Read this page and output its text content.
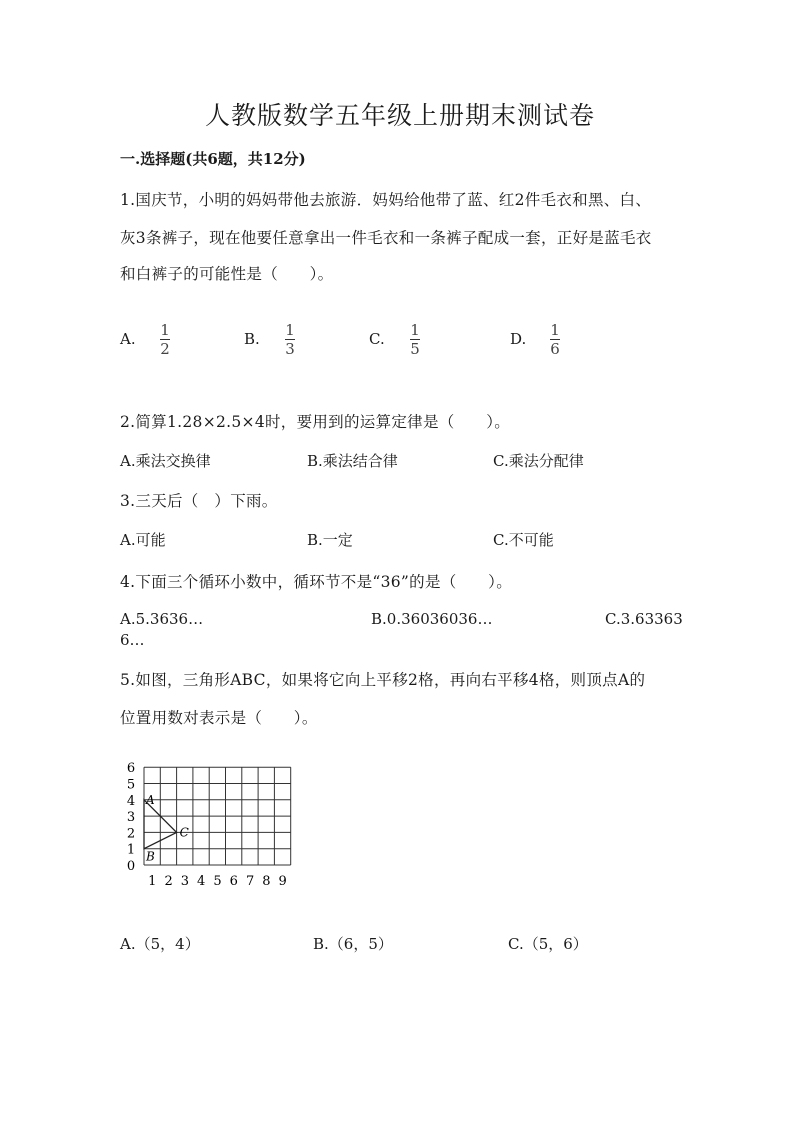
人教版数学五年级上册期末测试卷
一.选择题(共6题，共12分)
1.国庆节，小明的妈妈带他去旅游．妈妈给他带了蓝、红2件毛衣和黑、白、
灰3条裤子，现在他要任意拿出一件毛衣和一条裤子配成一套，正好是蓝毛衣
和白裤子的可能性是（　　）。
A. 1
2
B. 1
3
C. 1
5
D. 1
6
2.简算1.28×2.5×4时，要用到的运算定律是（　　）。
A.乘法交换律	B.乘法结合律	C.乘法分配律
3.三天后（　）下雨。
A.可能	B.一定	C.不可能
4.下面三个循环小数中，循环节不是“36”的是（　　）。
A.5.3636…	B.0.36036036…	C.3.63363
6…
5.如图，三角形ABC，如果将它向上平移2格，再向右平移4格，则顶点A的
位置用数对表示是（　　）。
0
1
2
3
4
5
6
1 2 3 4 5 6 7 8 9
A
B
C
A.（5，4）	B.（6，5）	C.（5，6）
